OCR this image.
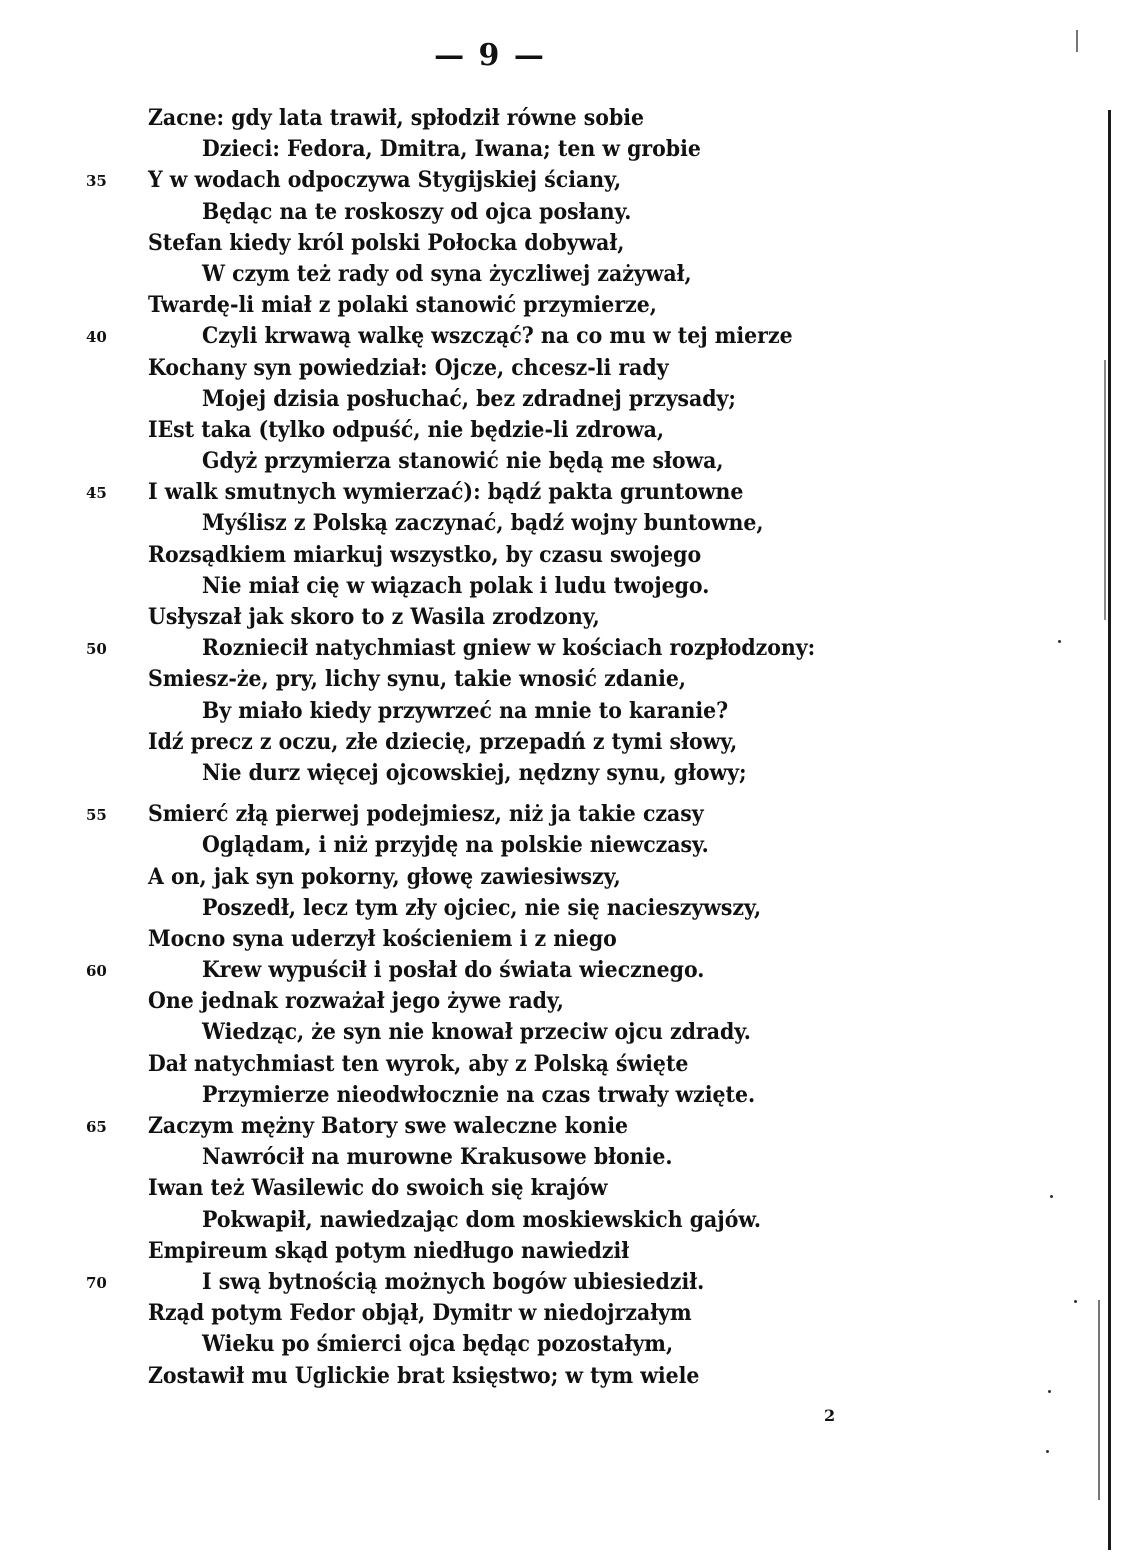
— 9 —
Zacne: gdy lata trawił, spłodził równe sobie
Dzieci: Fedora, Dmitra, Iwana; ten w grobie
35	Y w wodach odpoczywa Stygijskiej ściany,
Będąc na te roskoszy od ojca posłany.
Stefan kiedy król polski Połocka dobywał,
W czym też rady od syna życzliwej zażywał,
Twardę-li miał z polaki stanowić przymierze,
40	Czyli krwawą walkę wszcząć? na co mu w tej mierze
Kochany syn powiedział: Ojcze, chcesz-li rady
Mojej dzisia posłuchać, bez zdradnej przysady;
IEst taka (tylko odpuść, nie będzie-li zdrowa,
Gdyż przymierza stanowić nie będą me słowa,
45	I walk smutnych wymierzać): bądź pakta gruntowne
Myślisz z Polską zaczynać, bądź wojny buntowne,
Rozsądkiem miarkuj wszystko, by czasu swojego
Nie miał cię w wiązach polak i ludu twojego.
Usłyszał jak skoro to z Wasila zrodzony,
50	Rozniecił natychmiast gniew w kościach rozpłodzony:
Smiesz-że, pry, lichy synu, takie wnosić zdanie,
By miało kiedy przywrzeć na mnie to karanie?
Idź precz z oczu, złe dziecię, przepadń z tymi słowy,
Nie durz więcej ojcowskiej, nędzny synu, głowy;
55	Smierć złą pierwej podejmiesz, niż ja takie czasy
Oglądam, i niż przyjdę na polskie niewczasy.
A on, jak syn pokorny, głowę zawiesiwszy,
Poszedł, lecz tym zły ojciec, nie się nacieszywszy,
Mocno syna uderzył kościeniem i z niego
60	Krew wypuścił i posłał do świata wiecznego.
One jednak rozważał jego żywe rady,
Wiedząc, że syn nie knował przeciw ojcu zdrady.
Dał natychmiast ten wyrok, aby z Polską święte
Przymierze nieodwłocznie na czas trwały wzięte.
65	Zaczym mężny Batory swe waleczne konie
Nawrócił na murowne Krakusowe błonie.
Iwan też Wasilewic do swoich się krajów
Pokwapił, nawiedzając dom moskiewskich gajów.
Empireum skąd potym niedługo nawiedził
70	I swą bytnością możnych bogów ubiesiedził.
Rząd potym Fedor objął, Dymitr w niedojrzałym
Wieku po śmierci ojca będąc pozostałym,
Zostawił mu Uglickie brat księstwo; w tym wiele
2
